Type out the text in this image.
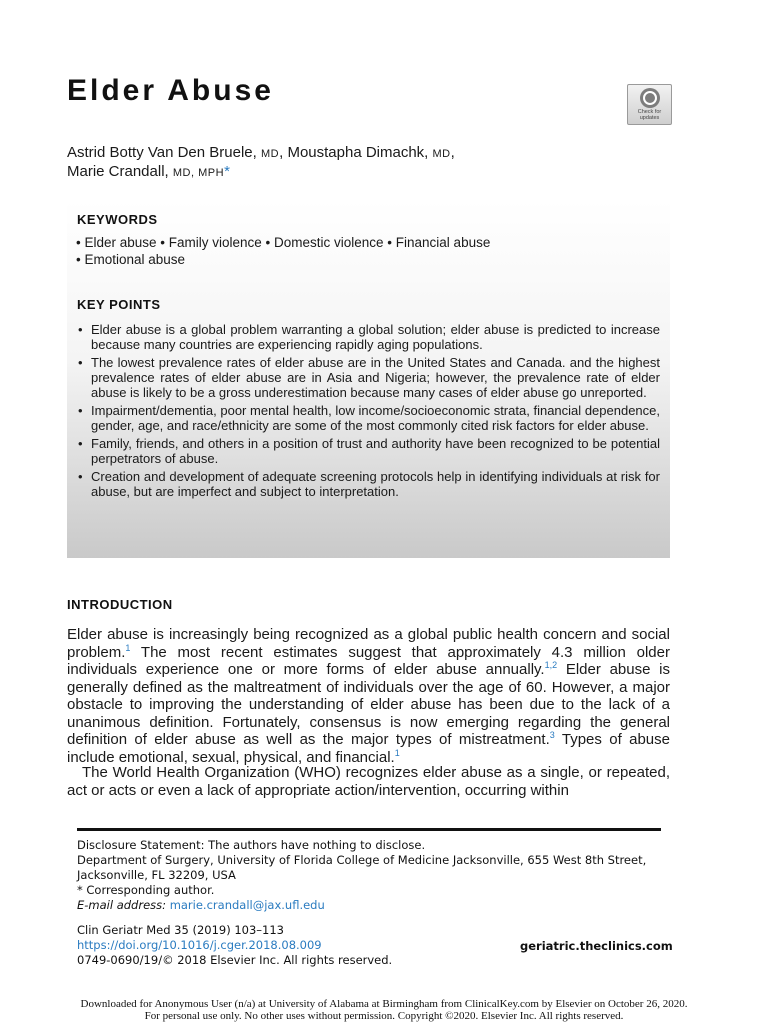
Elder Abuse
Check for
updates
Astrid Botty Van Den Bruele, MD, Moustapha Dimachk, MD,
Marie Crandall, MD, MPH*
KEYWORDS
• Elder abuse • Family violence • Domestic violence • Financial abuse
• Emotional abuse
KEY POINTS
• Elder abuse is a global problem warranting a global solution; elder abuse is predicted to increase because many countries are experiencing rapidly aging populations.
• The lowest prevalence rates of elder abuse are in the United States and Canada. and the highest prevalence rates of elder abuse are in Asia and Nigeria; however, the prevalence rate of elder abuse is likely to be a gross underestimation because many cases of elder abuse go unreported.
• Impairment/dementia, poor mental health, low income/socioeconomic strata, financial dependence, gender, age, and race/ethnicity are some of the most commonly cited risk factors for elder abuse.
• Family, friends, and others in a position of trust and authority have been recognized to be potential perpetrators of abuse.
• Creation and development of adequate screening protocols help in identifying individuals at risk for abuse, but are imperfect and subject to interpretation.
INTRODUCTION

Elder abuse is increasingly being recognized as a global public health concern and social problem.$^1$ The most recent estimates suggest that approximately 4.3 million older individuals experience one or more forms of elder abuse annually.$^{1,2}$ Elder abuse is generally defined as the maltreatment of individuals over the age of 60. However, a major obstacle to improving the understanding of elder abuse has been due to the lack of a unanimous definition. Fortunately, consensus is now emerging regarding the general definition of elder abuse as well as the major types of mistreatment.$^3$ Types of abuse include emotional, sexual, physical, and financial.$^1$

The World Health Organization (WHO) recognizes elder abuse as a single, or repeated, act or acts or even a lack of appropriate action/intervention, occurring within

Disclosure Statement: The authors have nothing to disclose.
Department of Surgery, University of Florida College of Medicine Jacksonville, 655 West 8th Street, Jacksonville, FL 32209, USA
* Corresponding author.
E-mail address: marie.crandall@jax.ufl.edu
Clin Geriatr Med 35 (2019) 103–113
https://doi.org/10.1016/j.cger.2018.08.009
0749-0690/19/© 2018 Elsevier Inc. All rights reserved.
geriatric.theclinics.com
Downloaded for Anonymous User (n/a) at University of Alabama at Birmingham from ClinicalKey.com by Elsevier on October 26, 2020.
For personal use only. No other uses without permission. Copyright ©2020. Elsevier Inc. All rights reserved.
